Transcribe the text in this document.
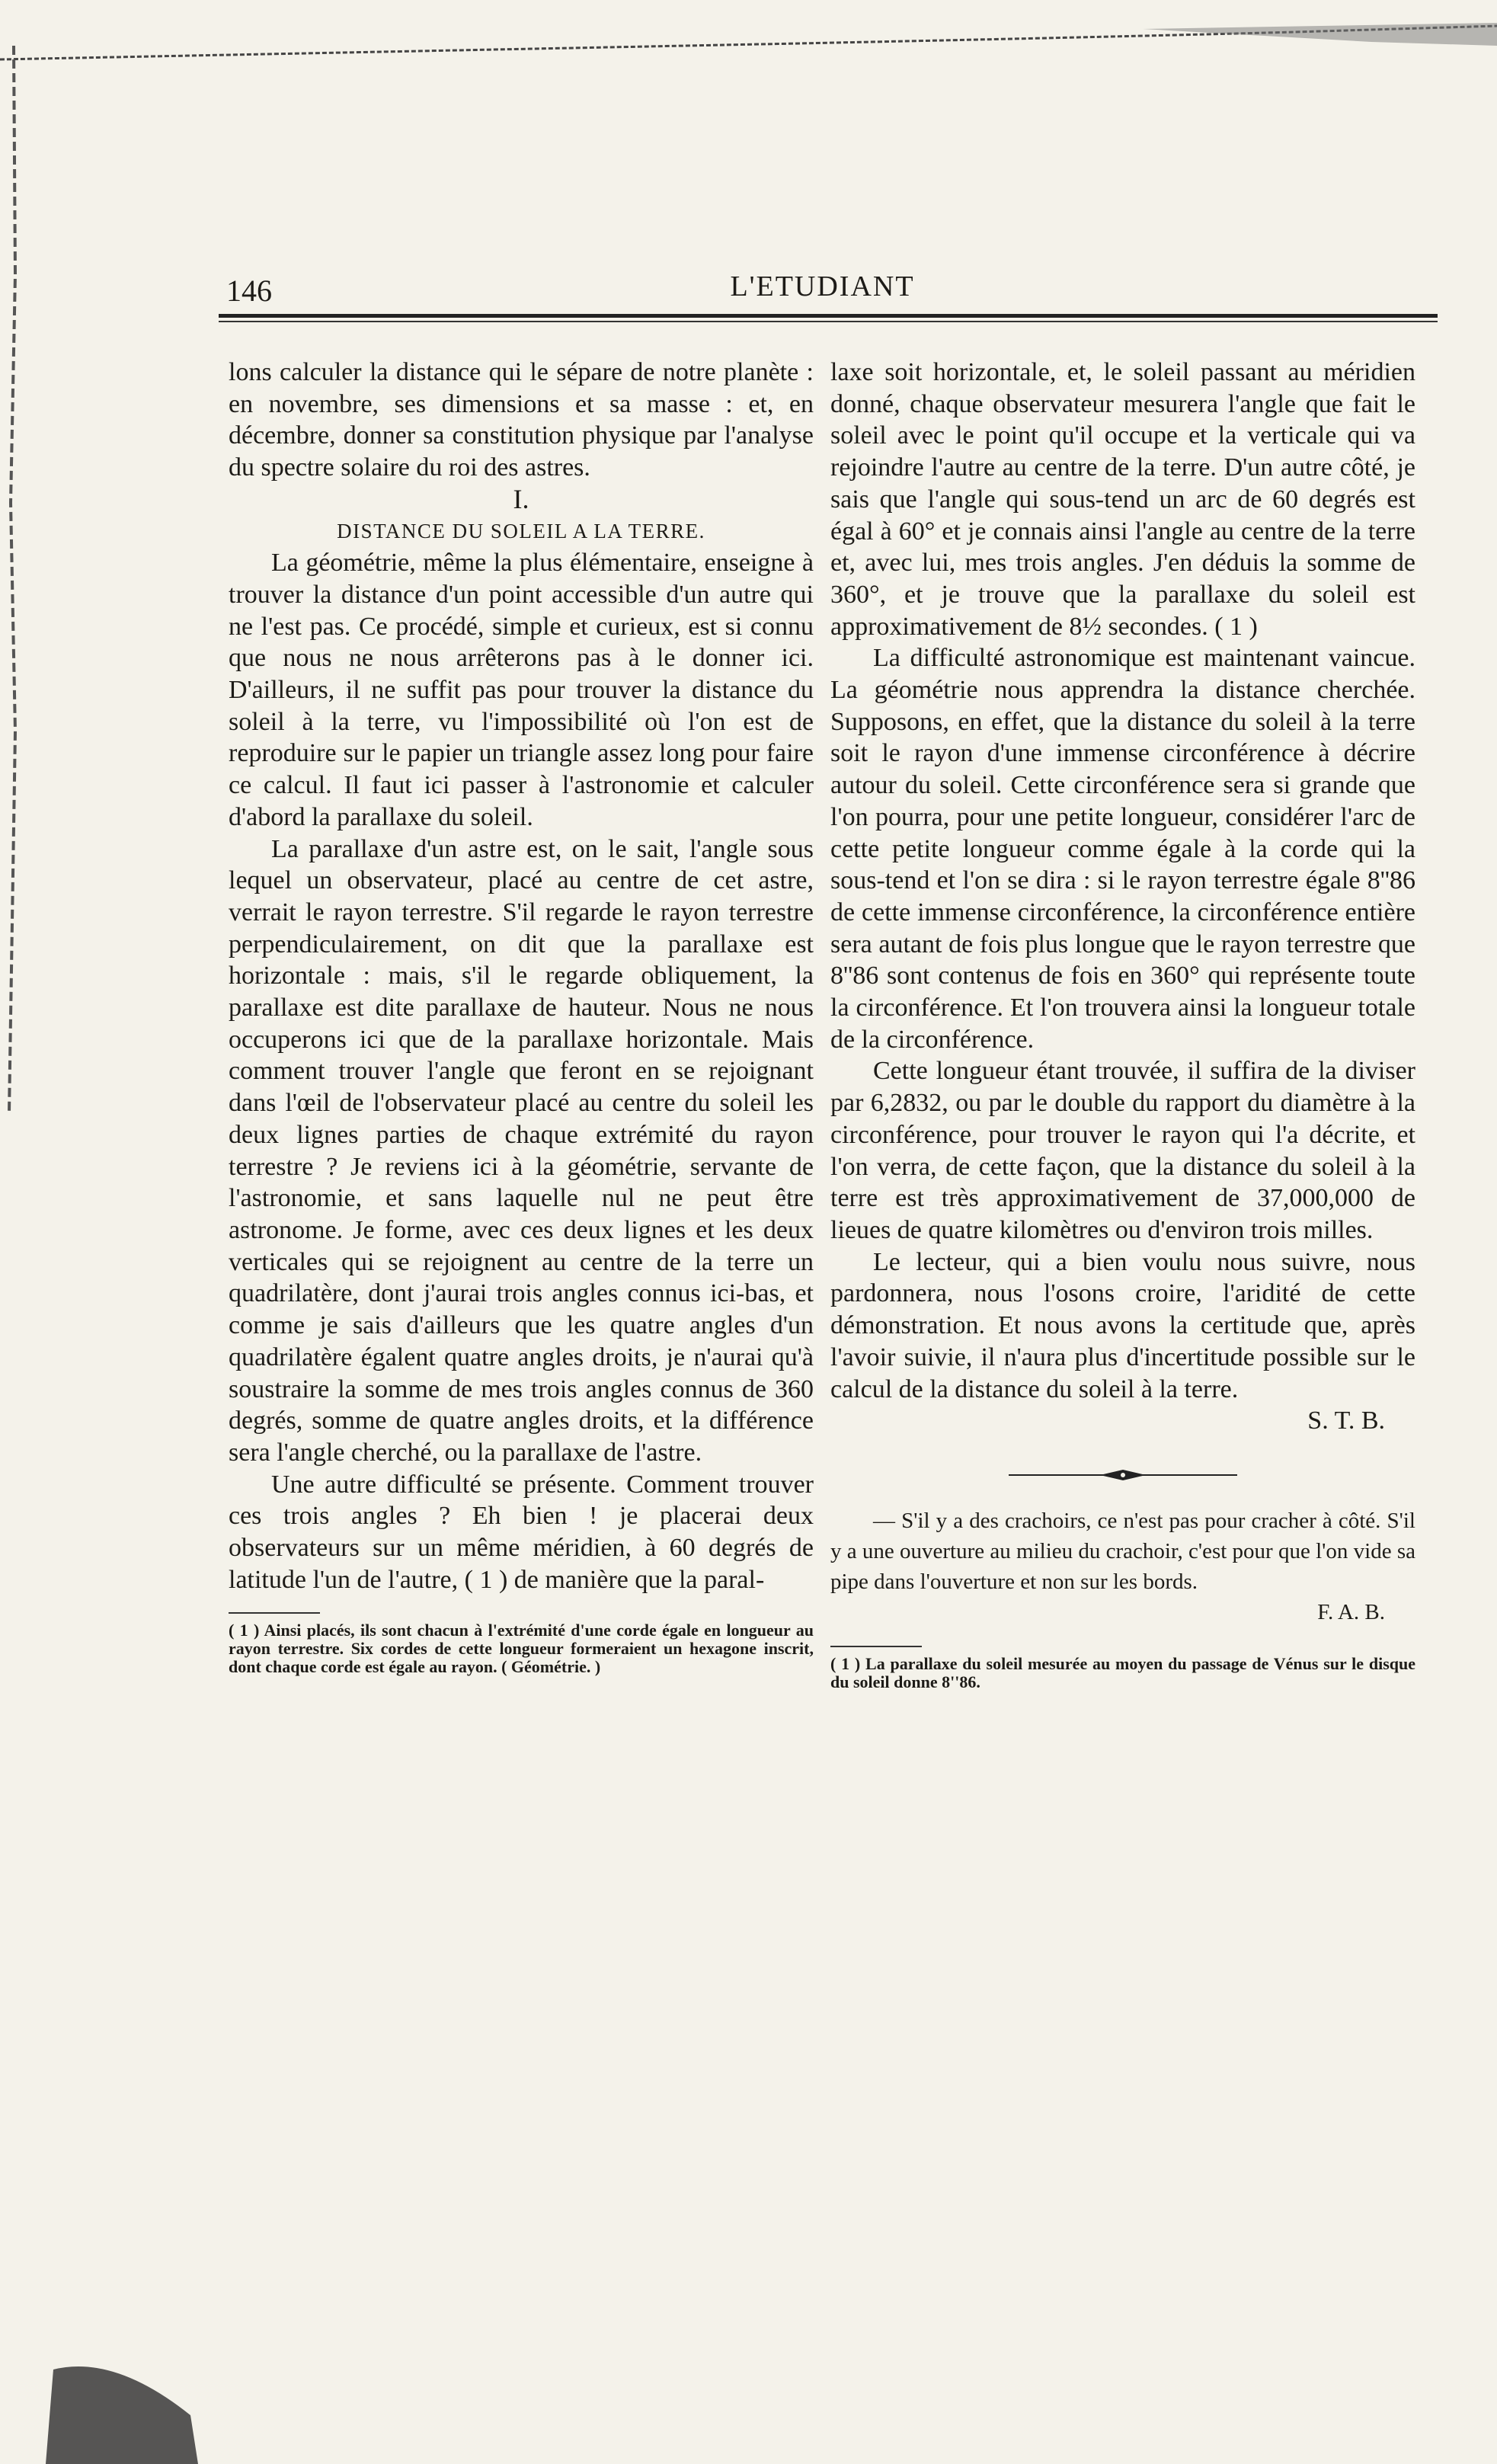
146	L'ETUDIANT

lons calculer la distance qui le sépare de notre planète : en novembre, ses dimensions et sa masse : et, en décembre, donner sa constitution physique par l'analyse du spectre solaire du roi des astres.

I.

DISTANCE DU SOLEIL A LA TERRE.

La géométrie, même la plus élémentaire, enseigne à trouver la distance d'un point accessible d'un autre qui ne l'est pas. Ce procédé, simple et curieux, est si connu que nous ne nous arrêterons pas à le donner ici. D'ailleurs, il ne suffit pas pour trouver la distance du soleil à la terre, vu l'impossibilité où l'on est de reproduire sur le papier un triangle assez long pour faire ce calcul. Il faut ici passer à l'astronomie et calculer d'abord la parallaxe du soleil.

La parallaxe d'un astre est, on le sait, l'angle sous lequel un observateur, placé au centre de cet astre, verrait le rayon terrestre. S'il regarde le rayon terrestre perpendiculairement, on dit que la parallaxe est horizontale : mais, s'il le regarde obliquement, la parallaxe est dite parallaxe de hauteur. Nous ne nous occuperons ici que de la parallaxe horizontale. Mais comment trouver l'angle que feront en se rejoignant dans l'œil de l'observateur placé au centre du soleil les deux lignes parties de chaque extrémité du rayon terrestre ? Je reviens ici à la géométrie, servante de l'astronomie, et sans laquelle nul ne peut être astronome. Je forme, avec ces deux lignes et les deux verticales qui se rejoignent au centre de la terre un quadrilatère, dont j'aurai trois angles connus ici-bas, et comme je sais d'ailleurs que les quatre angles d'un quadrilatère égalent quatre angles droits, je n'aurai qu'à soustraire la somme de mes trois angles connus de 360 degrés, somme de quatre angles droits, et la différence sera l'angle cherché, ou la parallaxe de l'astre.

Une autre difficulté se présente. Comment trouver ces trois angles ? Eh bien ! je placerai deux observateurs sur un même méridien, à 60 degrés de latitude l'un de l'autre, ( 1 ) de manière que la paral-

( 1 ) Ainsi placés, ils sont chacun à l'extrémité d'une corde égale en longueur au rayon terrestre. Six cordes de cette longueur formeraient un hexagone inscrit, dont chaque corde est égale au rayon. ( Géométrie. )

laxe soit horizontale, et, le soleil passant au méridien donné, chaque observateur mesurera l'angle que fait le soleil avec le point qu'il occupe et la verticale qui va rejoindre l'autre au centre de la terre. D'un autre côté, je sais que l'angle qui sous-tend un arc de 60 degrés est égal à 60° et je connais ainsi l'angle au centre de la terre et, avec lui, mes trois angles. J'en déduis la somme de 360°, et je trouve que la parallaxe du soleil est approximativement de 8½ secondes. ( 1 )

La difficulté astronomique est maintenant vaincue. La géométrie nous apprendra la distance cherchée. Supposons, en effet, que la distance du soleil à la terre soit le rayon d'une immense circonférence à décrire autour du soleil. Cette circonférence sera si grande que l'on pourra, pour une petite longueur, considérer l'arc de cette petite longueur comme égale à la corde qui la sous-tend et l'on se dira : si le rayon terrestre égale 8''86 de cette immense circonférence, la circonférence entière sera autant de fois plus longue que le rayon terrestre que 8''86 sont contenus de fois en 360° qui représente toute la circonférence. Et l'on trouvera ainsi la longueur totale de la circonférence.

Cette longueur étant trouvée, il suffira de la diviser par 6,2832, ou par le double du rapport du diamètre à la circonférence, pour trouver le rayon qui l'a décrite, et l'on verra, de cette façon, que la distance du soleil à la terre est très approximativement de 37,000,000 de lieues de quatre kilomètres ou d'environ trois milles.

Le lecteur, qui a bien voulu nous suivre, nous pardonnera, nous l'osons croire, l'aridité de cette démonstration. Et nous avons la certitude que, après l'avoir suivie, il n'aura plus d'incertitude possible sur le calcul de la distance du soleil à la terre.

S. T. B.

— S'il y a des crachoirs, ce n'est pas pour cracher à côté. S'il y a une ouverture au milieu du crachoir, c'est pour que l'on vide sa pipe dans l'ouverture et non sur les bords.

F. A. B.

( 1 ) La parallaxe du soleil mesurée au moyen du passage de Vénus sur le disque du soleil donne 8''86.
